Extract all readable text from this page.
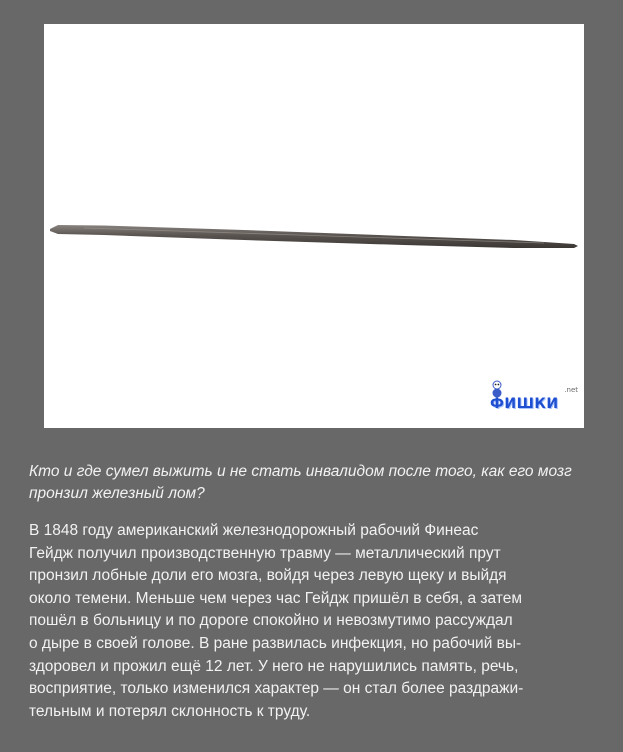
.net
ФИШКИ

Кто и где сумел выжить и не стать инвалидом после того, как его мозг пронзил железный лом?

В 1848 году американский железнодорожный рабочий Финеас
Гейдж получил производственную травму — металлический прут
пронзил лобные доли его мозга, войдя через левую щеку и выйдя
около темени. Меньше чем через час Гейдж пришёл в себя, а затем
пошёл в больницу и по дороге спокойно и невозмутимо рассуждал
о дыре в своей голове. В ране развилась инфекция, но рабочий вы-
здоровел и прожил ещё 12 лет. У него не нарушились память, речь,
восприятие, только изменился характер — он стал более раздражи-
тельным и потерял склонность к труду.
